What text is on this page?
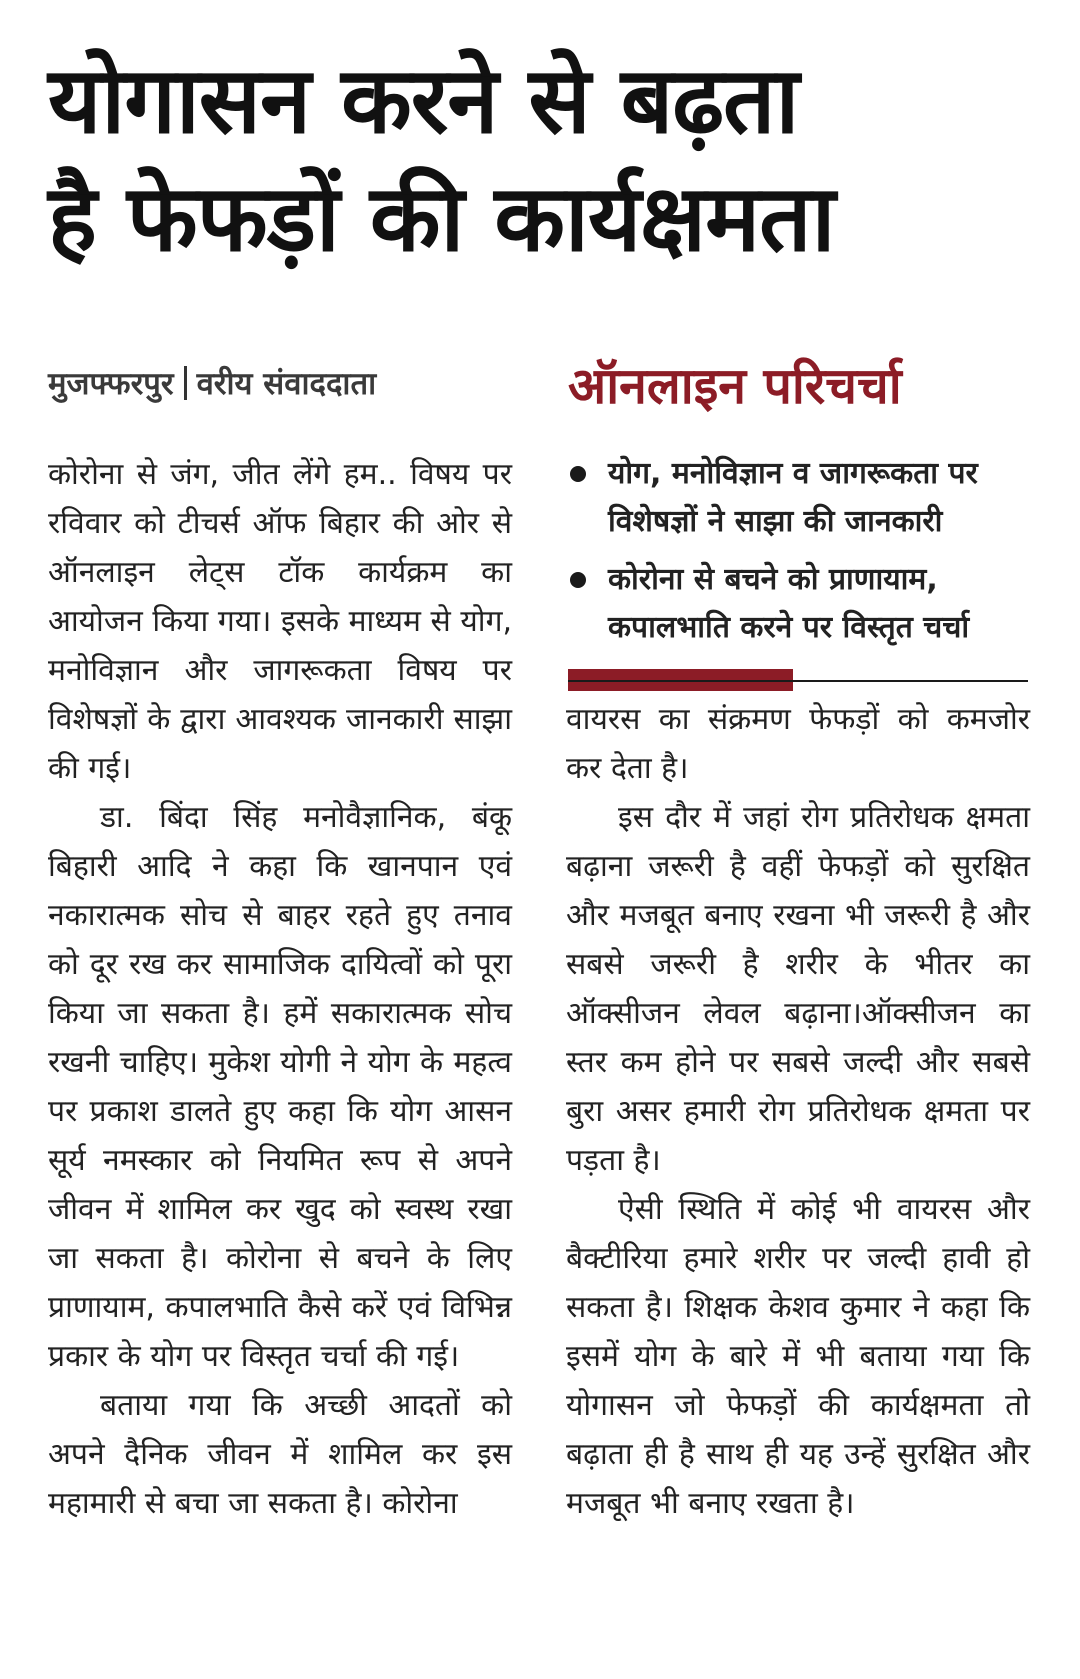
योगासन करने से बढ़ता
है फेफड़ों की कार्यक्षमता
मुजफ्फरपुर वरीय संवाददाता	ऑनलाइन परिचर्चा
योग, मनोविज्ञान व जागरूकता पर विशेषज्ञों ने साझा की जानकारी
कोरोना से बचने को प्राणायाम, कपालभाति करने पर विस्तृत चर्चा

कोरोना से जंग, जीत लेंगे हम.. विषय पर रविवार को टीचर्स ऑफ बिहार की ओर से ऑनलाइन लेट्स टॉक कार्यक्रम का आयोजन किया गया। इसके माध्यम से योग, मनोविज्ञान और जागरूकता विषय पर विशेषज्ञों के द्वारा आवश्यक जानकारी साझा की गई।

डा. बिंदा सिंह मनोवैज्ञानिक, बंकू बिहारी आदि ने कहा कि खानपान एवं नकारात्मक सोच से बाहर रहते हुए तनाव को दूर रख कर सामाजिक दायित्वों को पूरा किया जा सकता है। हमें सकारात्मक सोच रखनी चाहिए। मुकेश योगी ने योग के महत्व पर प्रकाश डालते हुए कहा कि योग आसन सूर्य नमस्कार को नियमित रूप से अपने जीवन में शामिल कर खुद को स्वस्थ रखा जा सकता है। कोरोना से बचने के लिए प्राणायाम, कपालभाति कैसे करें एवं विभिन्न प्रकार के योग पर विस्तृत चर्चा की गई।

बताया गया कि अच्छी आदतों को अपने दैनिक जीवन में शामिल कर इस महामारी से बचा जा सकता है। कोरोना

वायरस का संक्रमण फेफड़ों को कमजोर कर देता है।

इस दौर में जहां रोग प्रतिरोधक क्षमता बढ़ाना जरूरी है वहीं फेफड़ों को सुरक्षित और मजबूत बनाए रखना भी जरूरी है और सबसे जरूरी है शरीर के भीतर का ऑक्सीजन लेवल बढ़ाना।ऑक्सीजन का स्तर कम होने पर सबसे जल्दी और सबसे बुरा असर हमारी रोग प्रतिरोधक क्षमता पर पड़ता है।

ऐसी स्थिति में कोई भी वायरस और बैक्टीरिया हमारे शरीर पर जल्दी हावी हो सकता है। शिक्षक केशव कुमार ने कहा कि इसमें योग के बारे में भी बताया गया कि योगासन जो फेफड़ों की कार्यक्षमता तो बढ़ाता ही है साथ ही यह उन्हें सुरक्षित और मजबूत भी बनाए रखता है।
